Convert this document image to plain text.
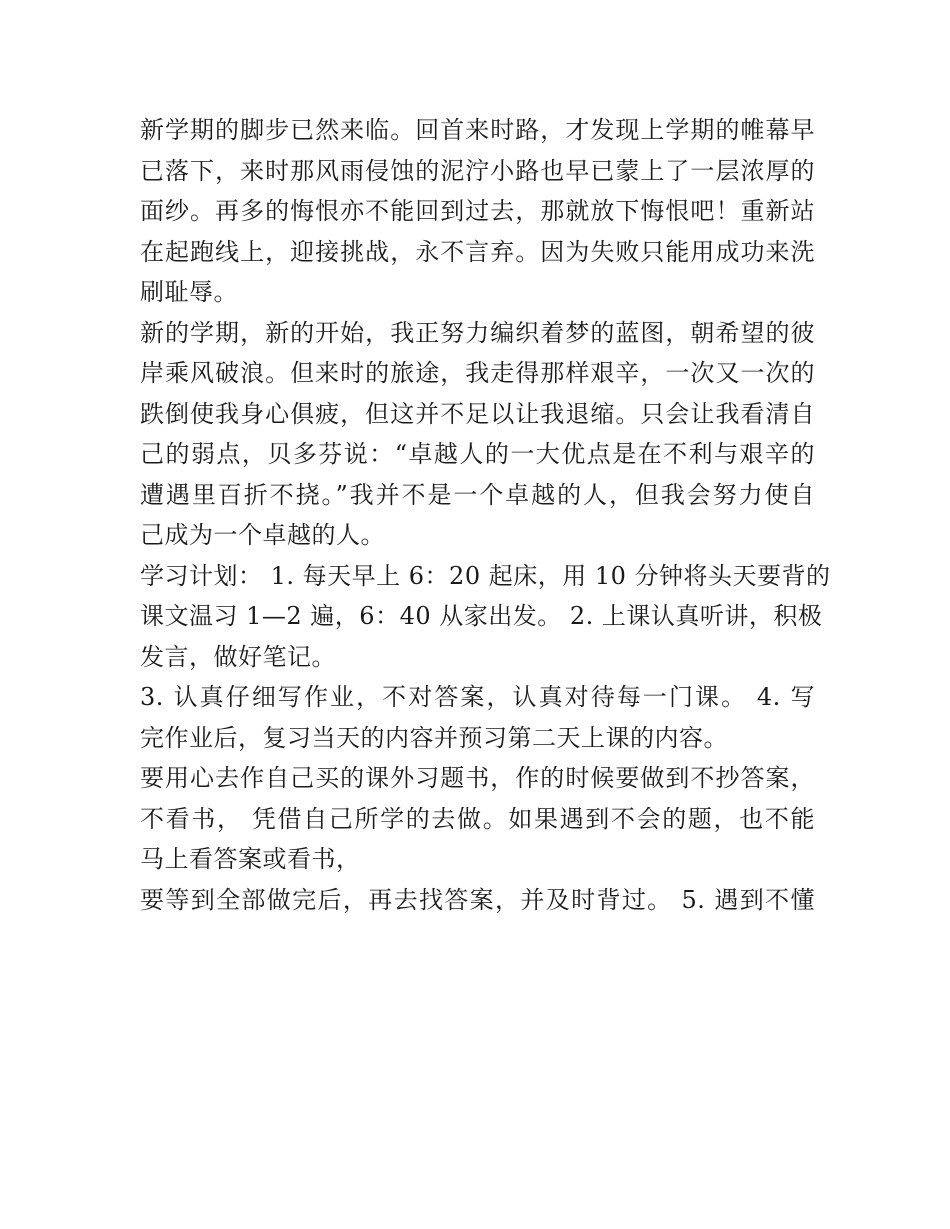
新学期的脚步已然来临。回首来时路，才发现上学期的帷幕早
已落下，来时那风雨侵蚀的泥泞小路也早已蒙上了一层浓厚的
面纱。再多的悔恨亦不能回到过去，那就放下悔恨吧！重新站
在起跑线上，迎接挑战，永不言弃。因为失败只能用成功来洗
刷耻辱。
新的学期，新的开始，我正努力编织着梦的蓝图，朝希望的彼
岸乘风破浪。但来时的旅途，我走得那样艰辛，一次又一次的
跌倒使我身心俱疲，但这并不足以让我退缩。只会让我看清自
己的弱点，贝多芬说：“卓越人的一大优点是在不利与艰辛的
遭遇里百折不挠。”我并不是一个卓越的人，但我会努力使自
己成为一个卓越的人。
学习计划： 1. 每天早上 6：20 起床，用 10 分钟将头天要背的
课文温习 1—2 遍，6：40 从家出发。 2. 上课认真听讲，积极
发言，做好笔记。
3. 认真仔细写作业，不对答案，认真对待每一门课。 4. 写
完作业后，复习当天的内容并预习第二天上课的内容。
要用心去作自己买的课外习题书，作的时候要做到不抄答案，
不看书， 凭借自己所学的去做。如果遇到不会的题，也不能
马上看答案或看书，
要等到全部做完后，再去找答案，并及时背过。 5. 遇到不懂
